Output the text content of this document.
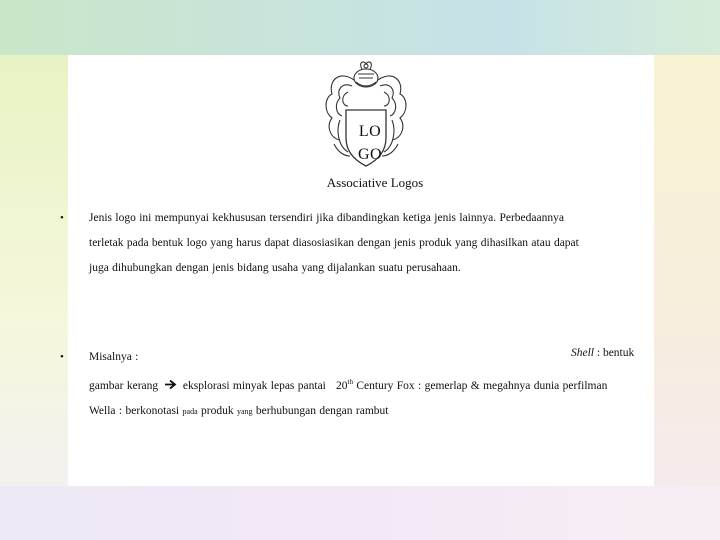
LO
GO
Associative Logos
• Jenis logo ini mempunyai kekhususan tersendiri jika dibandingkan ketiga jenis lainnya. Perbedaannya
terletak pada bentuk logo yang harus dapat diasosiasikan dengan jenis produk yang dihasilkan atau dapat
juga dihubungkan dengan jenis bidang usaha yang dijalankan suatu perusahaan.
• Misalnya :
gambar kerang eksplorasi minyak lepas pantai 20th Century Fox : gemerlap & megahnya dunia perfilman
Wella : berkonotasi pada produk yang berhubungan dengan rambut
Shell : bentuk
